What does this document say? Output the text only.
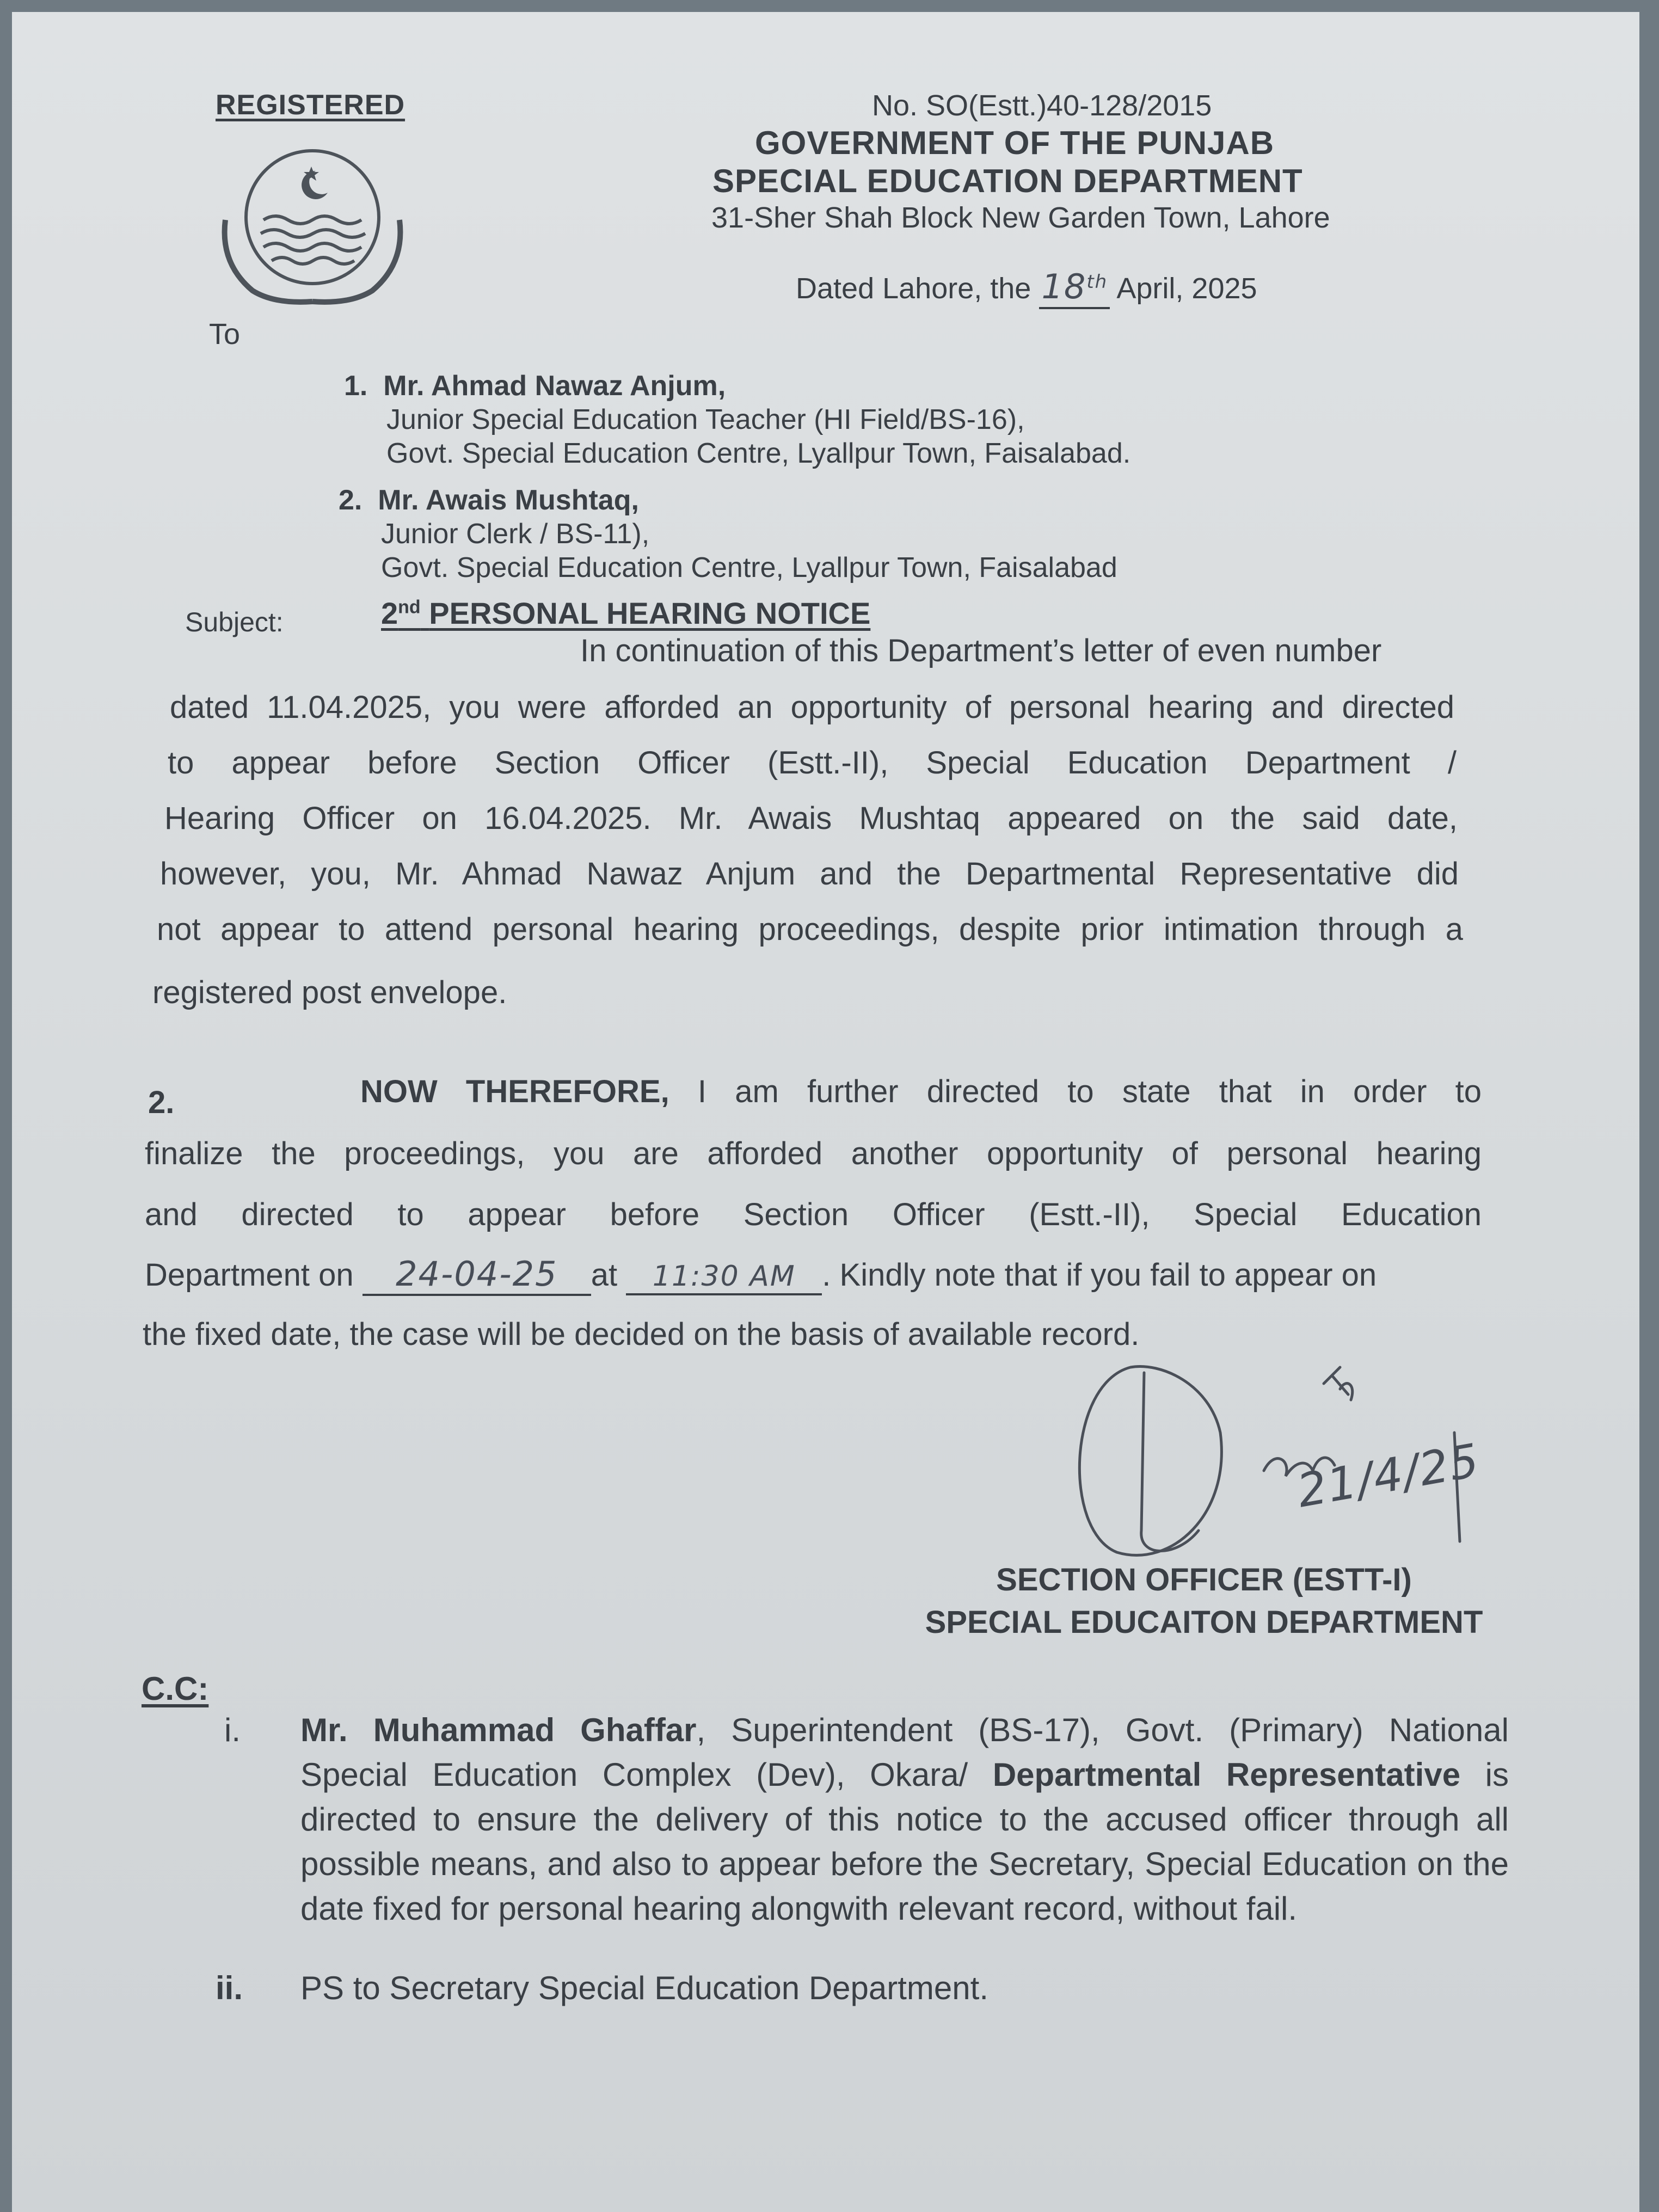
REGISTERED	No. SO(Estt.)40-128/2015
GOVERNMENT OF THE PUNJAB
SPECIAL EDUCATION DEPARTMENT
31-Sher Shah Block New Garden Town, Lahore
Dated Lahore, the 18th April, 2025
To
1. Mr. Ahmad Nawaz Anjum,
Junior Special Education Teacher (HI Field/BS-16),
Govt. Special Education Centre, Lyallpur Town, Faisalabad.
2. Mr. Awais Mushtaq,
Junior Clerk / BS-11),
Govt. Special Education Centre, Lyallpur Town, Faisalabad
Subject:	2nd PERSONAL HEARING NOTICE
In continuation of this Department’s letter of even number
dated 11.04.2025, you were afforded an opportunity of personal hearing and directed
to appear before Section Officer (Estt.-II), Special Education Department /
Hearing Officer on 16.04.2025. Mr. Awais Mushtaq appeared on the said date,
however, you, Mr. Ahmad Nawaz Anjum and the Departmental Representative did
not appear to attend personal hearing proceedings, despite prior intimation through a
registered post envelope.
2.	NOW THEREFORE, I am further directed to state that in order to
finalize the proceedings, you are afforded another opportunity of personal hearing
and directed to appear before Section Officer (Estt.-II), Special Education
Department on 24-04-25 at 11:30 AM . Kindly note that if you fail to appear on
the fixed date, the case will be decided on the basis of available record.
21/4/25
SECTION OFFICER (ESTT-I)
SPECIAL EDUCAITON DEPARTMENT
C.C:
i. Mr. Muhammad Ghaffar, Superintendent (BS-17), Govt. (Primary) National Special Education Complex (Dev), Okara/ Departmental Representative is directed to ensure the delivery of this notice to the accused officer through all possible means, and also to appear before the Secretary, Special Education on the date fixed for personal hearing alongwith relevant record, without fail.
ii. PS to Secretary Special Education Department.
